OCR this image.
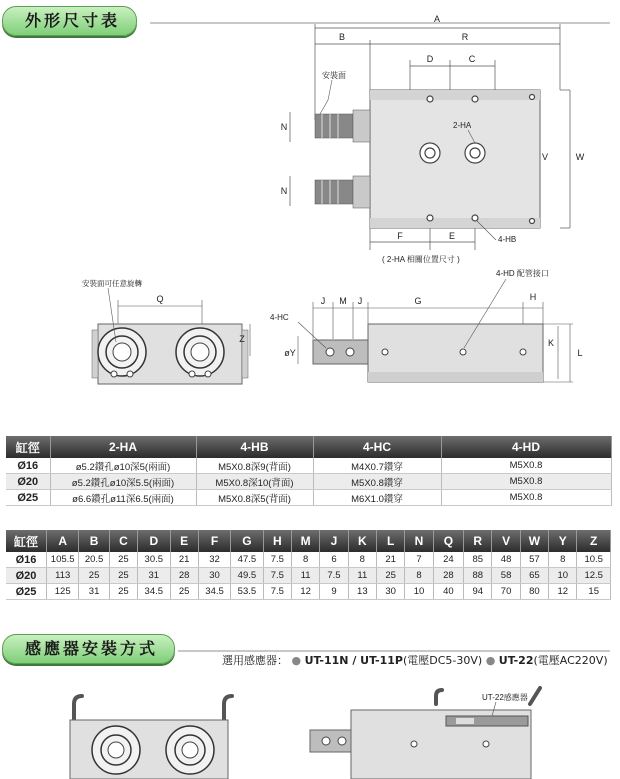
外形尺寸表	A
B	R
D	C
V	W
N
N
F	E
安裝面
2-HA
4-HB
( 2-HA 相關位置尺寸 )
Q
Z
安裝面可任意旋轉
J M J	G	H
K
L
øY
4-HC
4-HD 配管接口
缸徑	2-HA	4-HB	4-HC	4-HD
Ø16	ø5.2鑽孔ø10深5(兩面)	M5X0.8深9(背面)	M4X0.7鑽穿	M5X0.8
Ø20	ø5.2鑽孔ø10深5.5(兩面)	M5X0.8深10(背面)	M5X0.8鑽穿	M5X0.8
Ø25	ø6.6鑽孔ø11深6.5(兩面)	M5X0.8深5(背面)	M6X1.0鑽穿	M5X0.8
缸徑	A	B	C	D	E	F	G	H	M	J	K	L	N	Q	R	V	W	Y	Z
Ø16	105.5	20.5	25	30.5	21	32	47.5	7.5	8	6	8	21	7	24	85	48	57	8	10.5
Ø20	113	25	25	31	28	30	49.5	7.5	11	7.5	11	25	8	28	88	58	65	10	12.5
Ø25	125	31	25	34.5	25	34.5	53.5	7.5	12	9	13	30	10	40	94	70	80	12	15
感應器安裝方式
選用感應器： ● UT-11N / UT-11P(電壓DC5-30V) ● UT-22(電壓AC220V)
UT-22感應器
